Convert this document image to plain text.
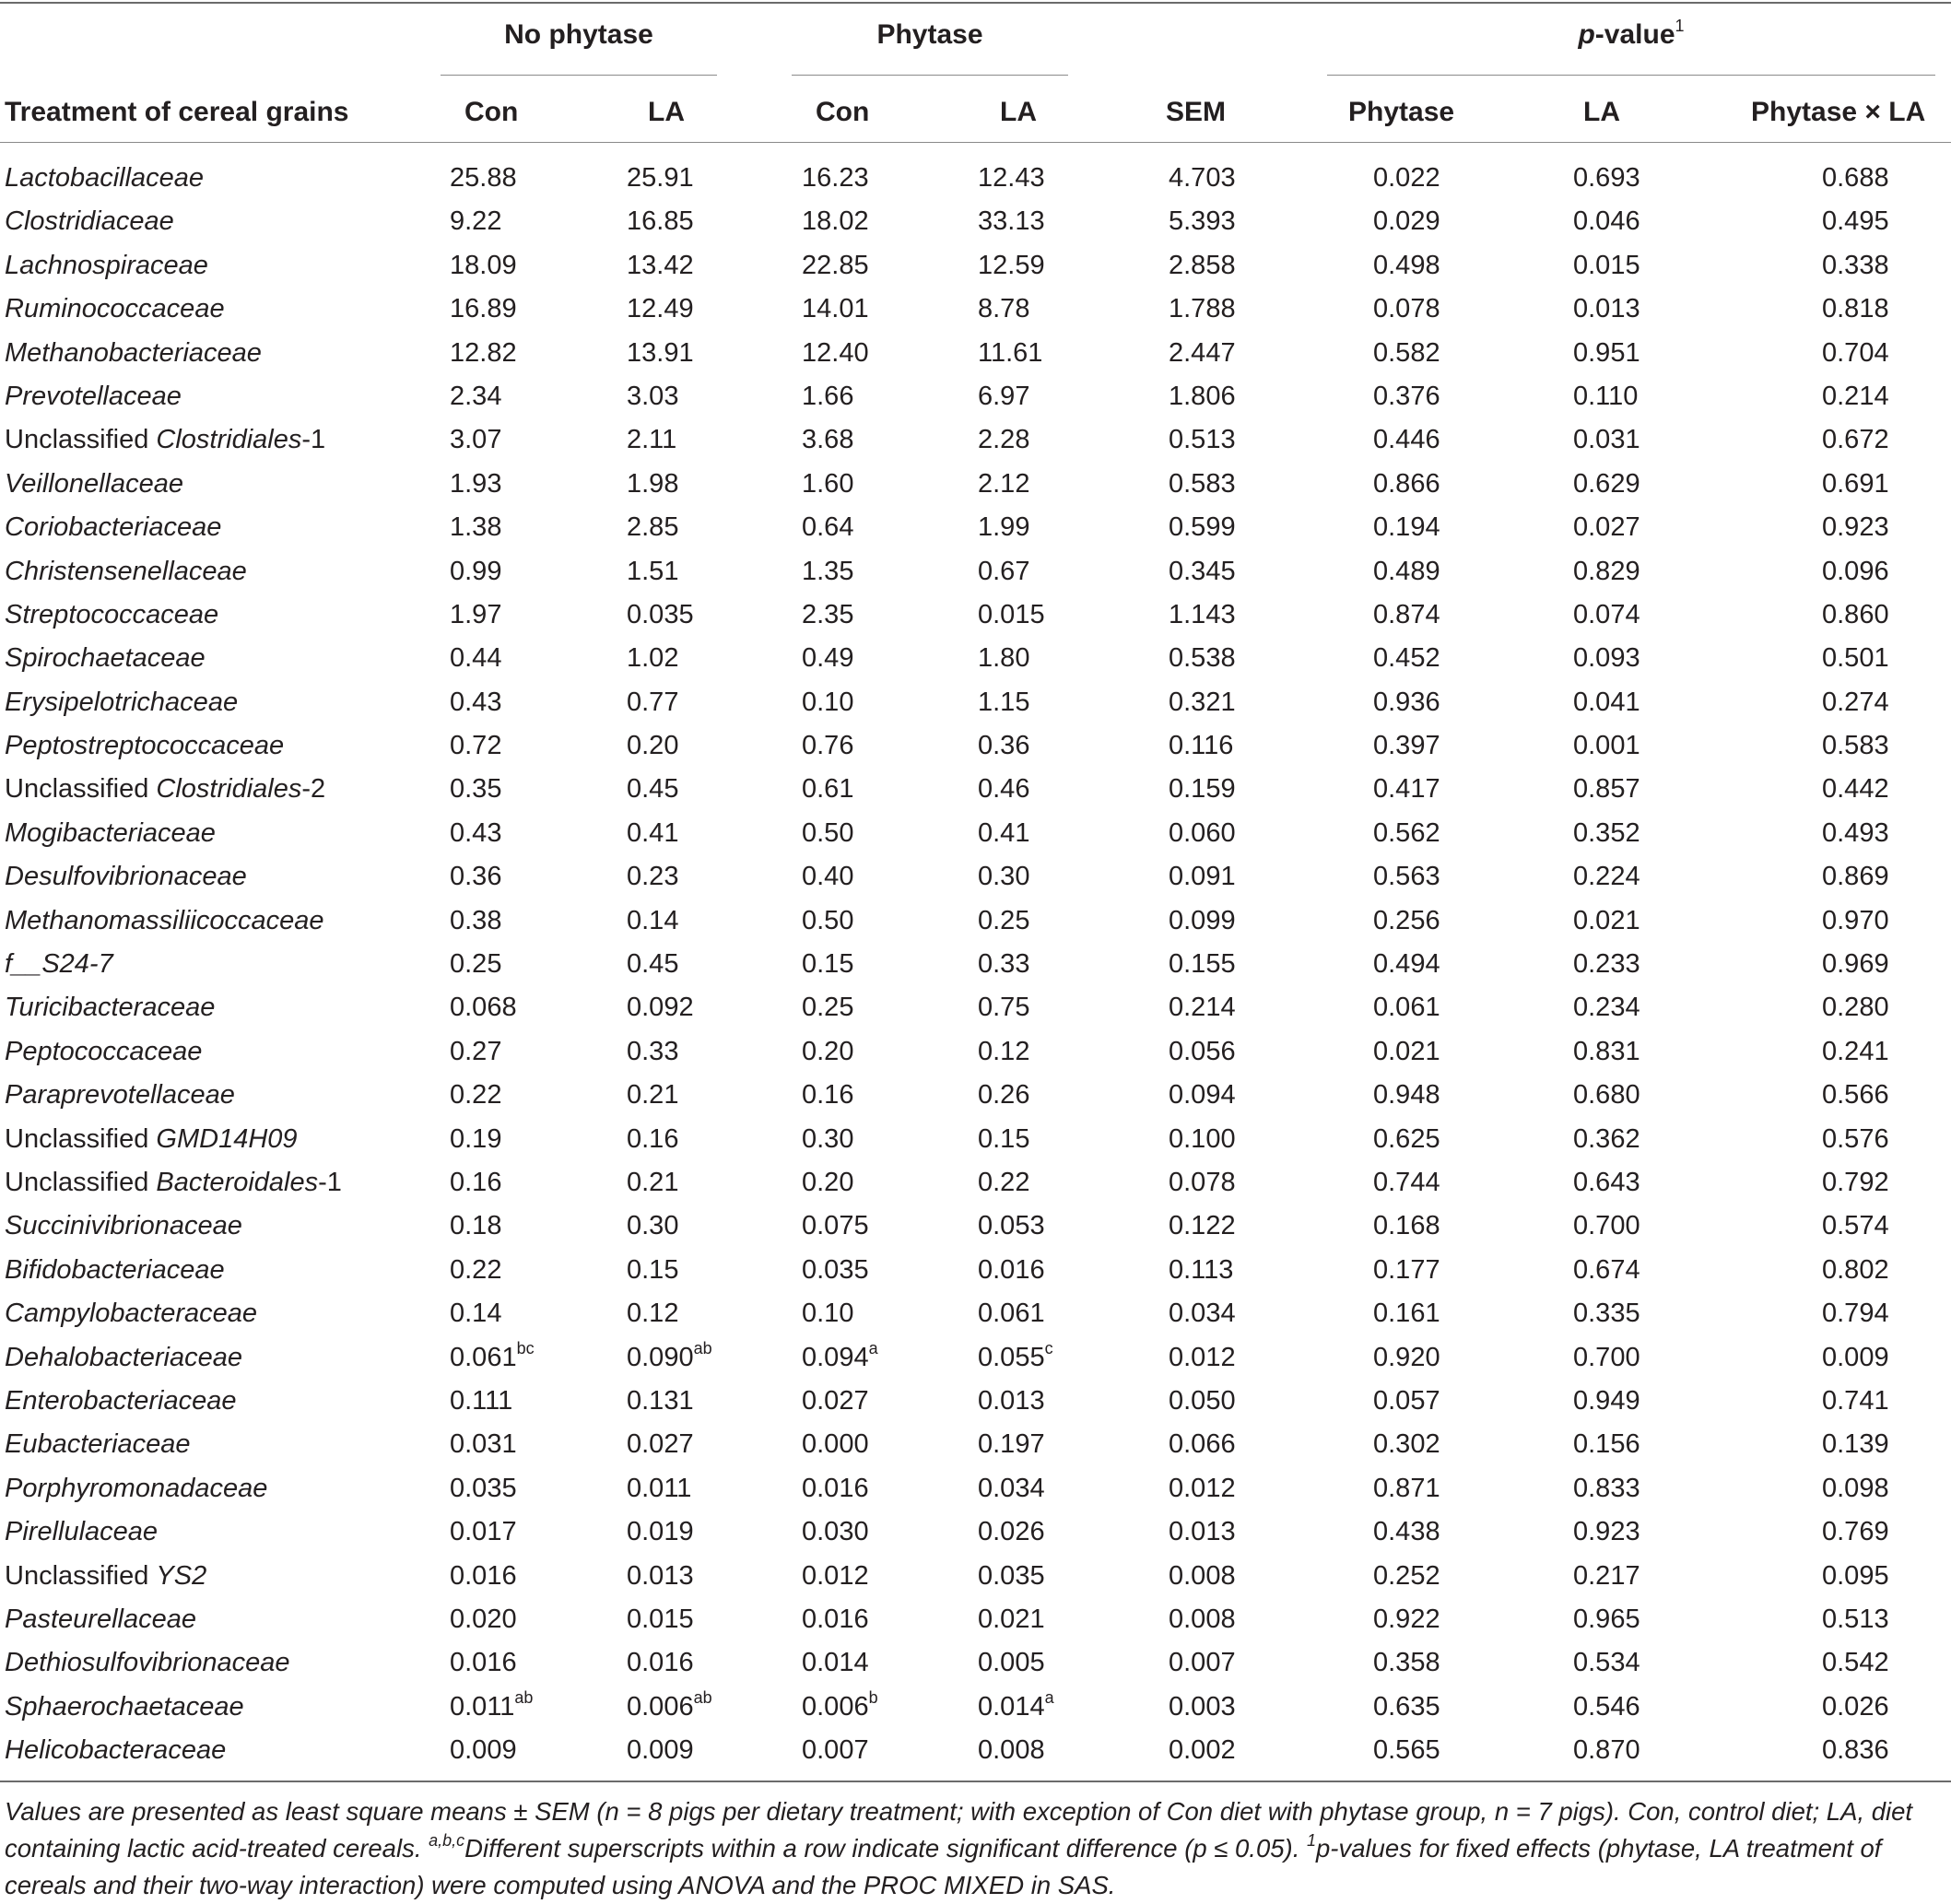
No phytase	Phytase	p-value$^1$
Treatment of cereal grains	Con	LA	Con	LA	SEM	Phytase	LA	Phytase × LA
Lactobacillaceae	25.88	25.91	16.23	12.43	4.703	0.022	0.693	0.688
Clostridiaceae	9.22	16.85	18.02	33.13	5.393	0.029	0.046	0.495
Lachnospiraceae	18.09	13.42	22.85	12.59	2.858	0.498	0.015	0.338
Ruminococcaceae	16.89	12.49	14.01	8.78	1.788	0.078	0.013	0.818
Methanobacteriaceae	12.82	13.91	12.40	11.61	2.447	0.582	0.951	0.704
Prevotellaceae	2.34	3.03	1.66	6.97	1.806	0.376	0.110	0.214
Unclassified Clostridiales-1	3.07	2.11	3.68	2.28	0.513	0.446	0.031	0.672
Veillonellaceae	1.93	1.98	1.60	2.12	0.583	0.866	0.629	0.691
Coriobacteriaceae	1.38	2.85	0.64	1.99	0.599	0.194	0.027	0.923
Christensenellaceae	0.99	1.51	1.35	0.67	0.345	0.489	0.829	0.096
Streptococcaceae	1.97	0.035	2.35	0.015	1.143	0.874	0.074	0.860
Spirochaetaceae	0.44	1.02	0.49	1.80	0.538	0.452	0.093	0.501
Erysipelotrichaceae	0.43	0.77	0.10	1.15	0.321	0.936	0.041	0.274
Peptostreptococcaceae	0.72	0.20	0.76	0.36	0.116	0.397	0.001	0.583
Unclassified Clostridiales-2	0.35	0.45	0.61	0.46	0.159	0.417	0.857	0.442
Mogibacteriaceae	0.43	0.41	0.50	0.41	0.060	0.562	0.352	0.493
Desulfovibrionaceae	0.36	0.23	0.40	0.30	0.091	0.563	0.224	0.869
Methanomassiliicoccaceae	0.38	0.14	0.50	0.25	0.099	0.256	0.021	0.970
f__S24-7	0.25	0.45	0.15	0.33	0.155	0.494	0.233	0.969
Turicibacteraceae	0.068	0.092	0.25	0.75	0.214	0.061	0.234	0.280
Peptococcaceae	0.27	0.33	0.20	0.12	0.056	0.021	0.831	0.241
Paraprevotellaceae	0.22	0.21	0.16	0.26	0.094	0.948	0.680	0.566
Unclassified GMD14H09	0.19	0.16	0.30	0.15	0.100	0.625	0.362	0.576
Unclassified Bacteroidales-1	0.16	0.21	0.20	0.22	0.078	0.744	0.643	0.792
Succinivibrionaceae	0.18	0.30	0.075	0.053	0.122	0.168	0.700	0.574
Bifidobacteriaceae	0.22	0.15	0.035	0.016	0.113	0.177	0.674	0.802
Campylobacteraceae	0.14	0.12	0.10	0.061	0.034	0.161	0.335	0.794
Dehalobacteriaceae	0.061$^{bc}$	0.090$^{ab}$	0.094$^a$	0.055$^c$	0.012	0.920	0.700	0.009
Enterobacteriaceae	0.111	0.131	0.027	0.013	0.050	0.057	0.949	0.741
Eubacteriaceae	0.031	0.027	0.000	0.197	0.066	0.302	0.156	0.139
Porphyromonadaceae	0.035	0.011	0.016	0.034	0.012	0.871	0.833	0.098
Pirellulaceae	0.017	0.019	0.030	0.026	0.013	0.438	0.923	0.769
Unclassified YS2	0.016	0.013	0.012	0.035	0.008	0.252	0.217	0.095
Pasteurellaceae	0.020	0.015	0.016	0.021	0.008	0.922	0.965	0.513
Dethiosulfovibrionaceae	0.016	0.016	0.014	0.005	0.007	0.358	0.534	0.542
Sphaerochaetaceae	0.011$^{ab}$	0.006$^{ab}$	0.006$^b$	0.014$^a$	0.003	0.635	0.546	0.026
Helicobacteraceae	0.009	0.009	0.007	0.008	0.002	0.565	0.870	0.836
Values are presented as least square means ± SEM (n = 8 pigs per dietary treatment; with exception of Con diet with phytase group, n = 7 pigs). Con, control diet; LA, diet containing lactic acid-treated cereals. $^{a,b,c}$Different superscripts within a row indicate significant difference (p ≤ 0.05). $^1$p-values for fixed effects (phytase, LA treatment of cereals and their two-way interaction) were computed using ANOVA and the PROC MIXED in SAS.
